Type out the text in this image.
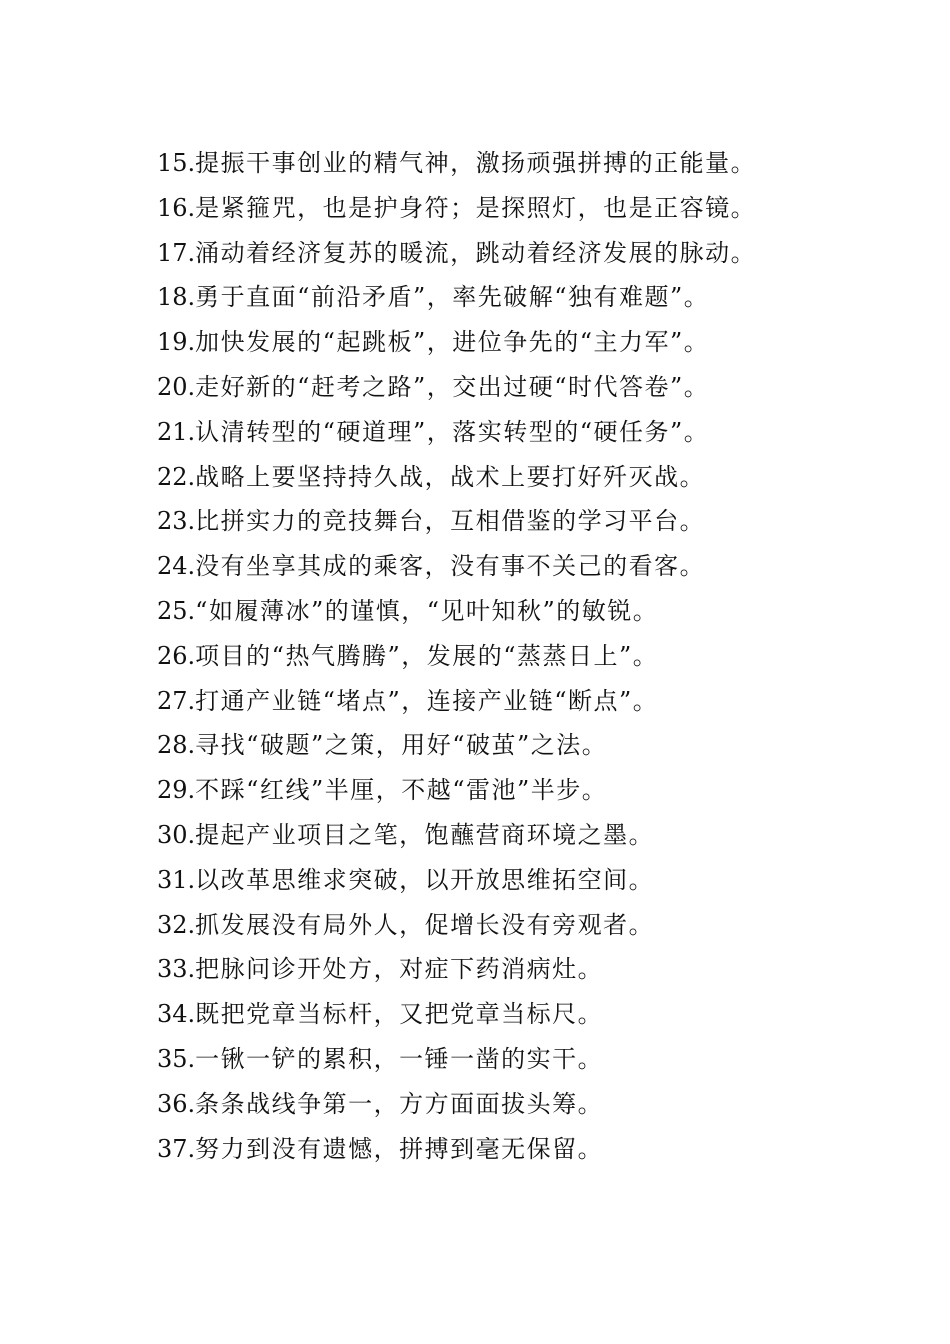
15.提振干事创业的精气神，激扬顽强拼搏的正能量。
16.是紧箍咒，也是护身符；是探照灯，也是正容镜。
17.涌动着经济复苏的暖流，跳动着经济发展的脉动。
18.勇于直面“前沿矛盾”，率先破解“独有难题”。
19.加快发展的“起跳板”，进位争先的“主力军”。
20.走好新的“赶考之路”，交出过硬“时代答卷”。
21.认清转型的“硬道理”，落实转型的“硬任务”。
22.战略上要坚持持久战，战术上要打好歼灭战。
23.比拼实力的竞技舞台，互相借鉴的学习平台。
24.没有坐享其成的乘客，没有事不关己的看客。
25.“如履薄冰”的谨慎，“见叶知秋”的敏锐。
26.项目的“热气腾腾”，发展的“蒸蒸日上”。
27.打通产业链“堵点”，连接产业链“断点”。
28.寻找“破题”之策，用好“破茧”之法。
29.不踩“红线”半厘，不越“雷池”半步。
30.提起产业项目之笔，饱蘸营商环境之墨。
31.以改革思维求突破，以开放思维拓空间。
32.抓发展没有局外人，促增长没有旁观者。
33.把脉问诊开处方，对症下药消病灶。
34.既把党章当标杆，又把党章当标尺。
35.一锹一铲的累积，一锤一凿的实干。
36.条条战线争第一，方方面面拔头筹。
37.努力到没有遗憾，拼搏到毫无保留。
